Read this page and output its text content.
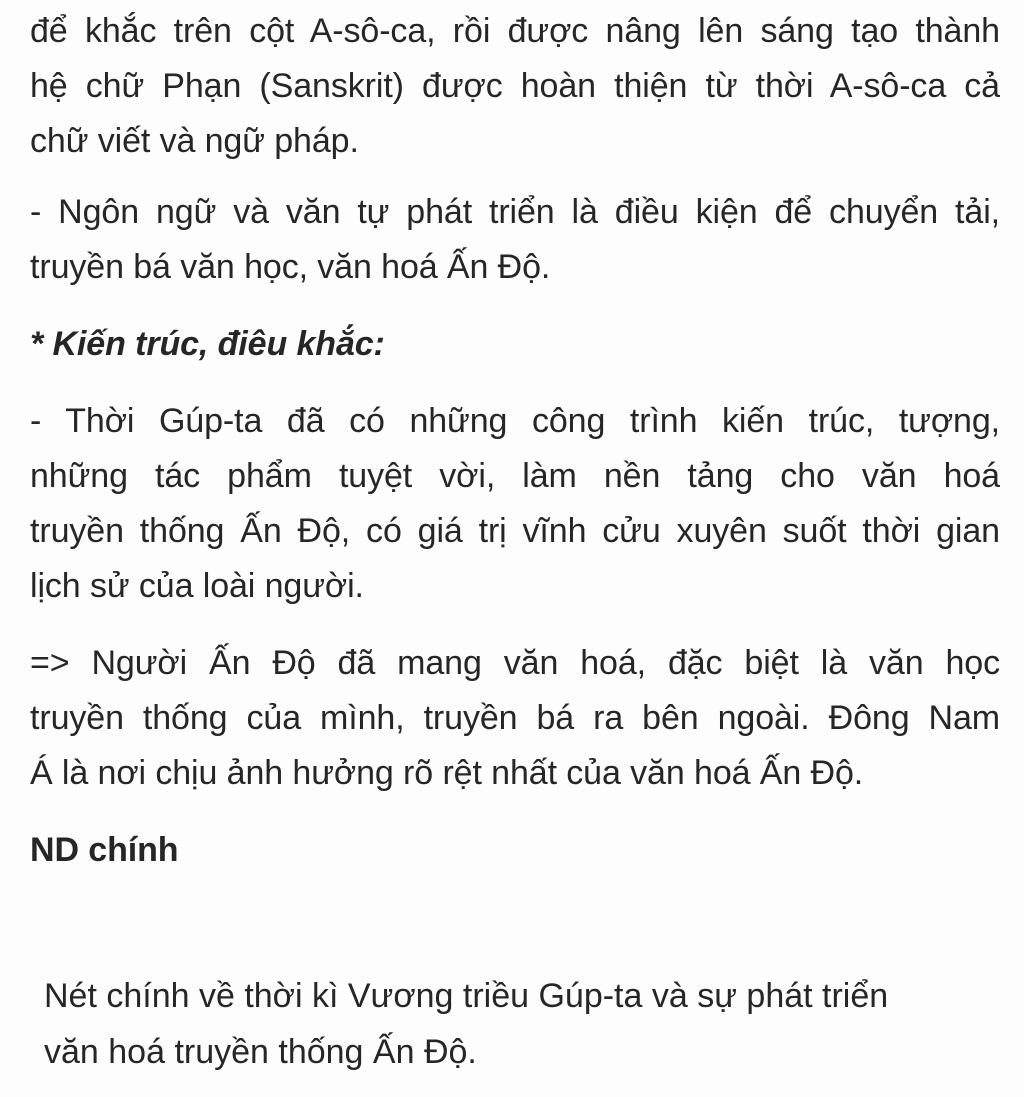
để khắc trên cột A-sô-ca, rồi được nâng lên sáng tạo thành
hệ chữ Phạn (Sanskrit) được hoàn thiện từ thời A-sô-ca cả
chữ viết và ngữ pháp.

- Ngôn ngữ và văn tự phát triển là điều kiện để chuyển tải,
truyền bá văn học, văn hoá Ấn Độ.

* Kiến trúc, điêu khắc:

- Thời Gúp-ta đã có những công trình kiến trúc, tượng,
những tác phẩm tuyệt vời, làm nền tảng cho văn hoá
truyền thống Ấn Độ, có giá trị vĩnh cửu xuyên suốt thời gian
lịch sử của loài người.

=> Người Ấn Độ đã mang văn hoá, đặc biệt là văn học
truyền thống của mình, truyền bá ra bên ngoài. Đông Nam
Á là nơi chịu ảnh hưởng rõ rệt nhất của văn hoá Ấn Độ.

ND chính

Nét chính về thời kì Vương triều Gúp-ta và sự phát triển
văn hoá truyền thống Ấn Độ.
